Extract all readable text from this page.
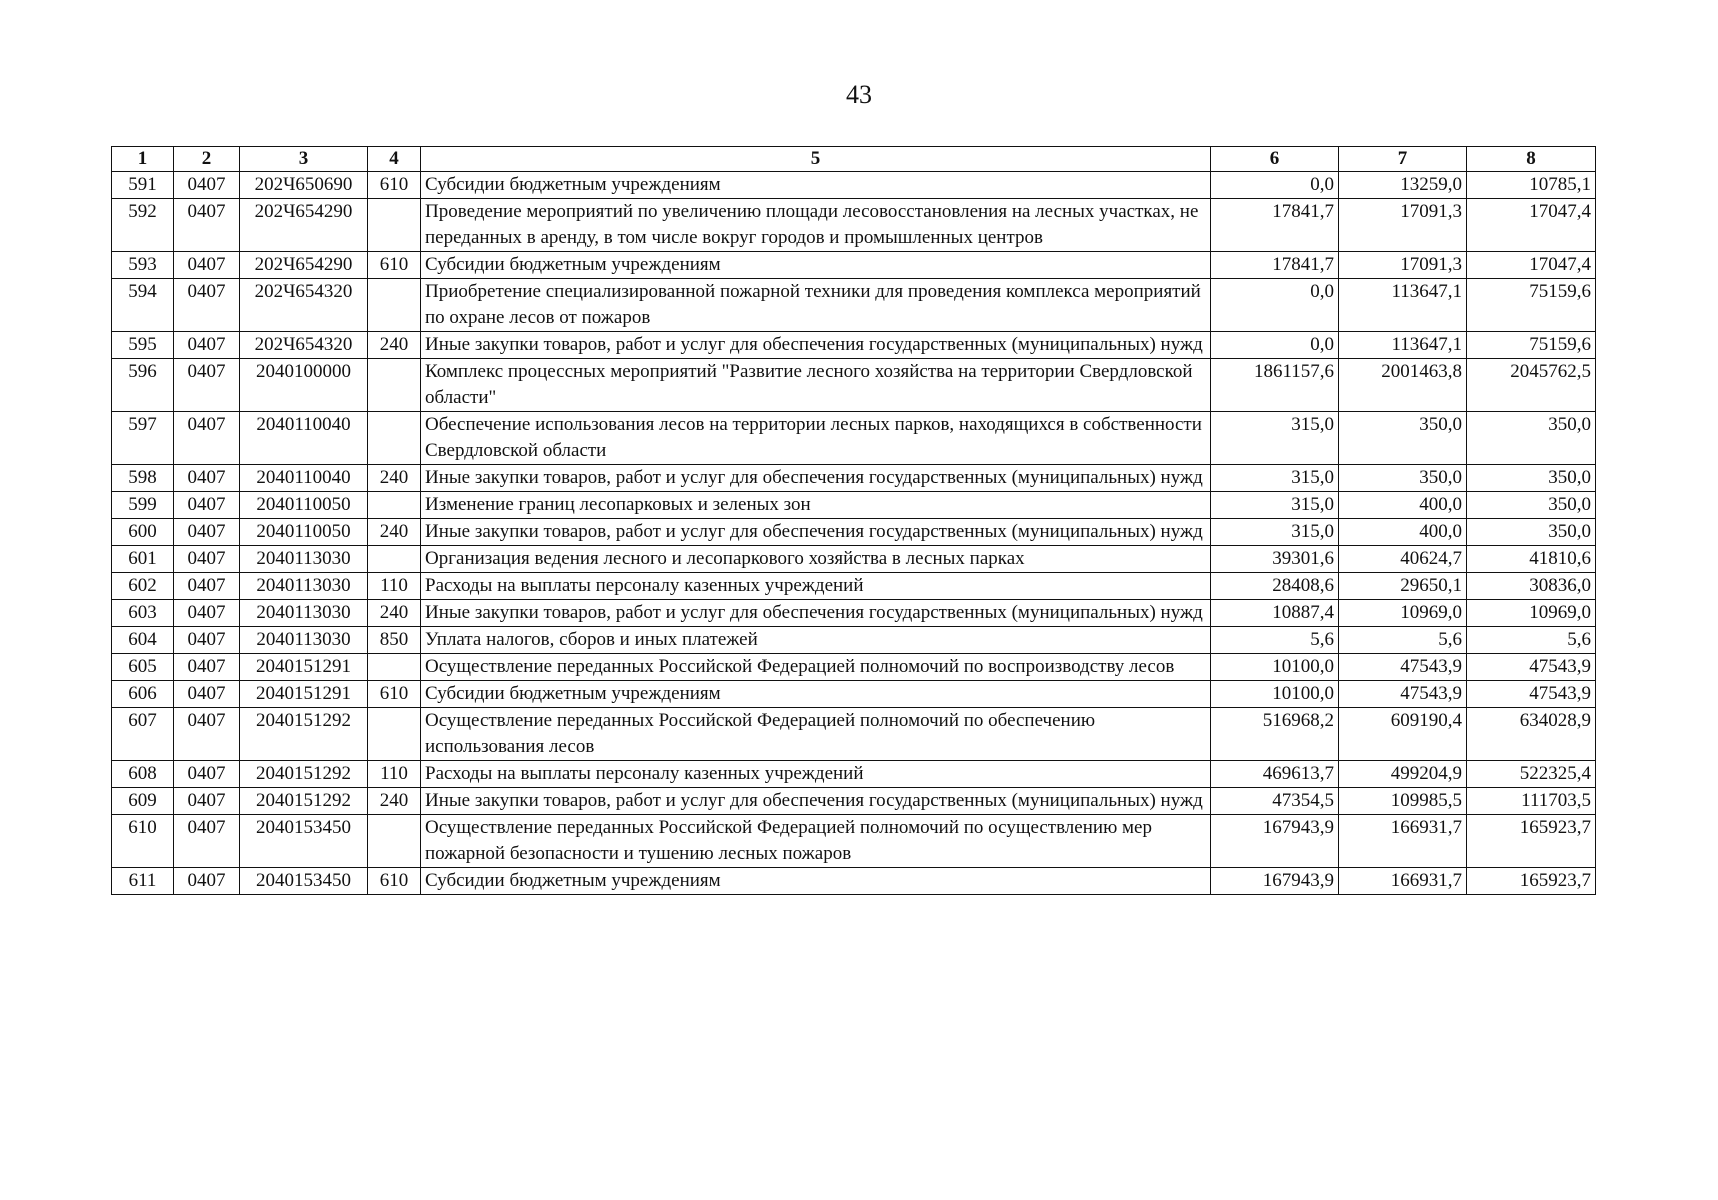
43
1	2	3	4	5	6	7	8
591	0407	202Ч650690	610	Субсидии бюджетным учреждениям	0,0	13259,0	10785,1
592	0407	202Ч654290		Проведение мероприятий по увеличению площади лесовосстановления на лесных участках, не переданных в аренду, в том числе вокруг городов и промышленных центров	17841,7	17091,3	17047,4
593	0407	202Ч654290	610	Субсидии бюджетным учреждениям	17841,7	17091,3	17047,4
594	0407	202Ч654320		Приобретение специализированной пожарной техники для проведения комплекса мероприятий по охране лесов от пожаров	0,0	113647,1	75159,6
595	0407	202Ч654320	240	Иные закупки товаров, работ и услуг для обеспечения государственных (муниципальных) нужд	0,0	113647,1	75159,6
596	0407	2040100000		Комплекс процессных мероприятий "Развитие лесного хозяйства на территории Свердловской области"	1861157,6	2001463,8	2045762,5
597	0407	2040110040		Обеспечение использования лесов на территории лесных парков, находящихся в собственности Свердловской области	315,0	350,0	350,0
598	0407	2040110040	240	Иные закупки товаров, работ и услуг для обеспечения государственных (муниципальных) нужд	315,0	350,0	350,0
599	0407	2040110050		Изменение границ лесопарковых и зеленых зон	315,0	400,0	350,0
600	0407	2040110050	240	Иные закупки товаров, работ и услуг для обеспечения государственных (муниципальных) нужд	315,0	400,0	350,0
601	0407	2040113030		Организация ведения лесного и лесопаркового хозяйства в лесных парках	39301,6	40624,7	41810,6
602	0407	2040113030	110	Расходы на выплаты персоналу казенных учреждений	28408,6	29650,1	30836,0
603	0407	2040113030	240	Иные закупки товаров, работ и услуг для обеспечения государственных (муниципальных) нужд	10887,4	10969,0	10969,0
604	0407	2040113030	850	Уплата налогов, сборов и иных платежей	5,6	5,6	5,6
605	0407	2040151291		Осуществление переданных Российской Федерацией полномочий по воспроизводству лесов	10100,0	47543,9	47543,9
606	0407	2040151291	610	Субсидии бюджетным учреждениям	10100,0	47543,9	47543,9
607	0407	2040151292		Осуществление переданных Российской Федерацией полномочий по обеспечению использования лесов	516968,2	609190,4	634028,9
608	0407	2040151292	110	Расходы на выплаты персоналу казенных учреждений	469613,7	499204,9	522325,4
609	0407	2040151292	240	Иные закупки товаров, работ и услуг для обеспечения государственных (муниципальных) нужд	47354,5	109985,5	111703,5
610	0407	2040153450		Осуществление переданных Российской Федерацией полномочий по осуществлению мер пожарной безопасности и тушению лесных пожаров	167943,9	166931,7	165923,7
611	0407	2040153450	610	Субсидии бюджетным учреждениям	167943,9	166931,7	165923,7
